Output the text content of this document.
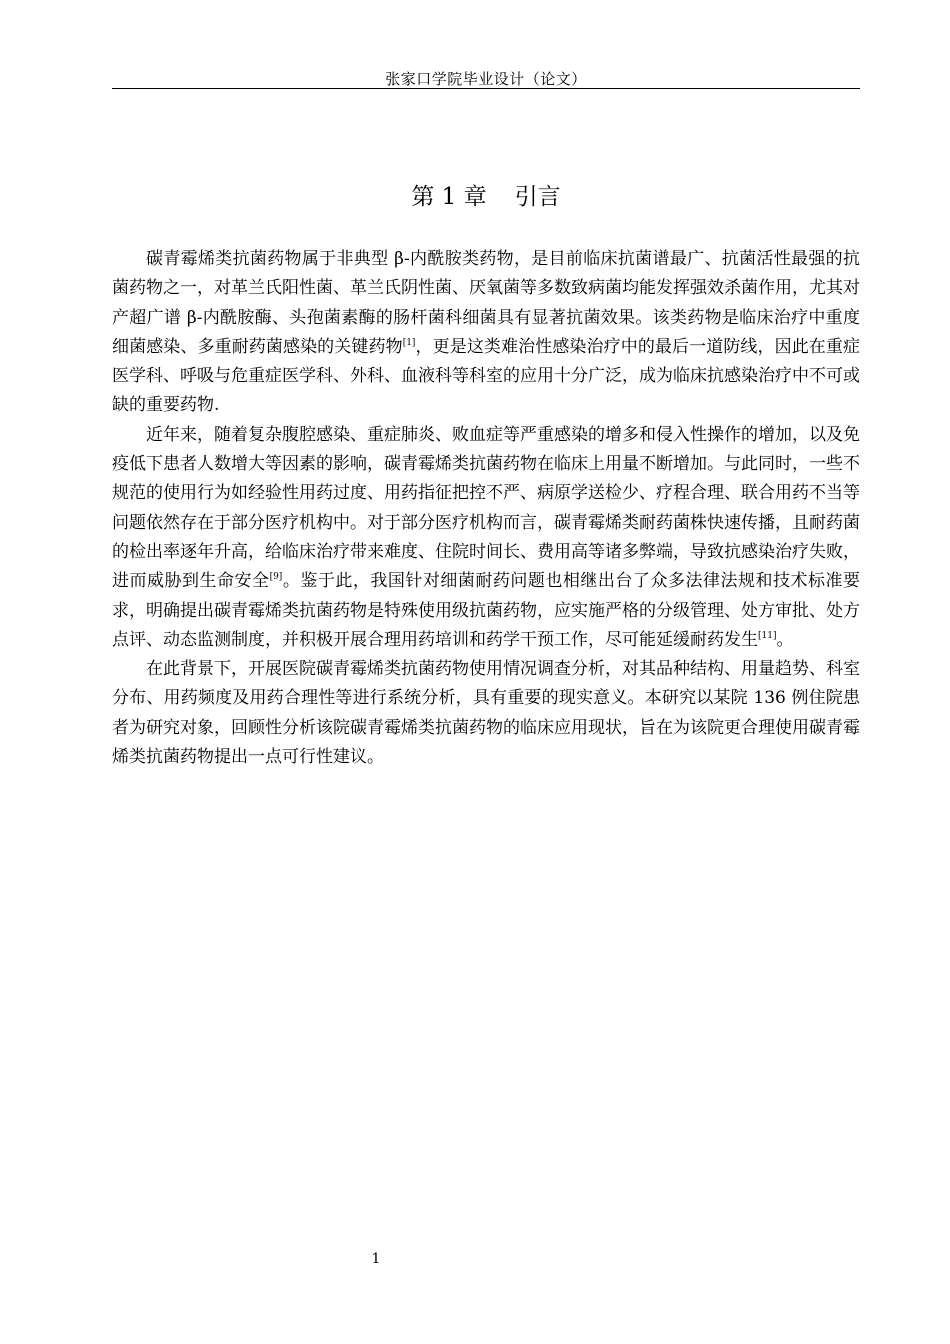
张家口学院毕业设计（论文）
第 1 章 引言

碳青霉烯类抗菌药物属于非典型 β-内酰胺类药物，是目前临床抗菌谱最广、抗菌活性最强的抗菌药物之一，对革兰氏阳性菌、革兰氏阴性菌、厌氧菌等多数致病菌均能发挥强效杀菌作用，尤其对产超广谱 β-内酰胺酶、头孢菌素酶的肠杆菌科细菌具有显著抗菌效果。该类药物是临床治疗中重度细菌感染、多重耐药菌感染的关键药物[1]，更是这类难治性感染治疗中的最后一道防线，因此在重症医学科、呼吸与危重症医学科、外科、血液科等科室的应用十分广泛，成为临床抗感染治疗中不可或缺的重要药物.

近年来，随着复杂腹腔感染、重症肺炎、败血症等严重感染的增多和侵入性操作的增加，以及免疫低下患者人数增大等因素的影响，碳青霉烯类抗菌药物在临床上用量不断增加。与此同时，一些不规范的使用行为如经验性用药过度、用药指征把控不严、病原学送检少、疗程合理、联合用药不当等问题依然存在于部分医疗机构中。对于部分医疗机构而言，碳青霉烯类耐药菌株快速传播，且耐药菌的检出率逐年升高，给临床治疗带来难度、住院时间长、费用高等诸多弊端，导致抗感染治疗失败，进而威胁到生命安全[9]。鉴于此，我国针对细菌耐药问题也相继出台了众多法律法规和技术标准要求，明确提出碳青霉烯类抗菌药物是特殊使用级抗菌药物，应实施严格的分级管理、处方审批、处方点评、动态监测制度，并积极开展合理用药培训和药学干预工作，尽可能延缓耐药发生[11]。

在此背景下，开展医院碳青霉烯类抗菌药物使用情况调查分析，对其品种结构、用量趋势、科室分布、用药频度及用药合理性等进行系统分析，具有重要的现实意义。本研究以某院 136 例住院患者为研究对象，回顾性分析该院碳青霉烯类抗菌药物的临床应用现状，旨在为该院更合理使用碳青霉烯类抗菌药物提出一点可行性建议。

1
